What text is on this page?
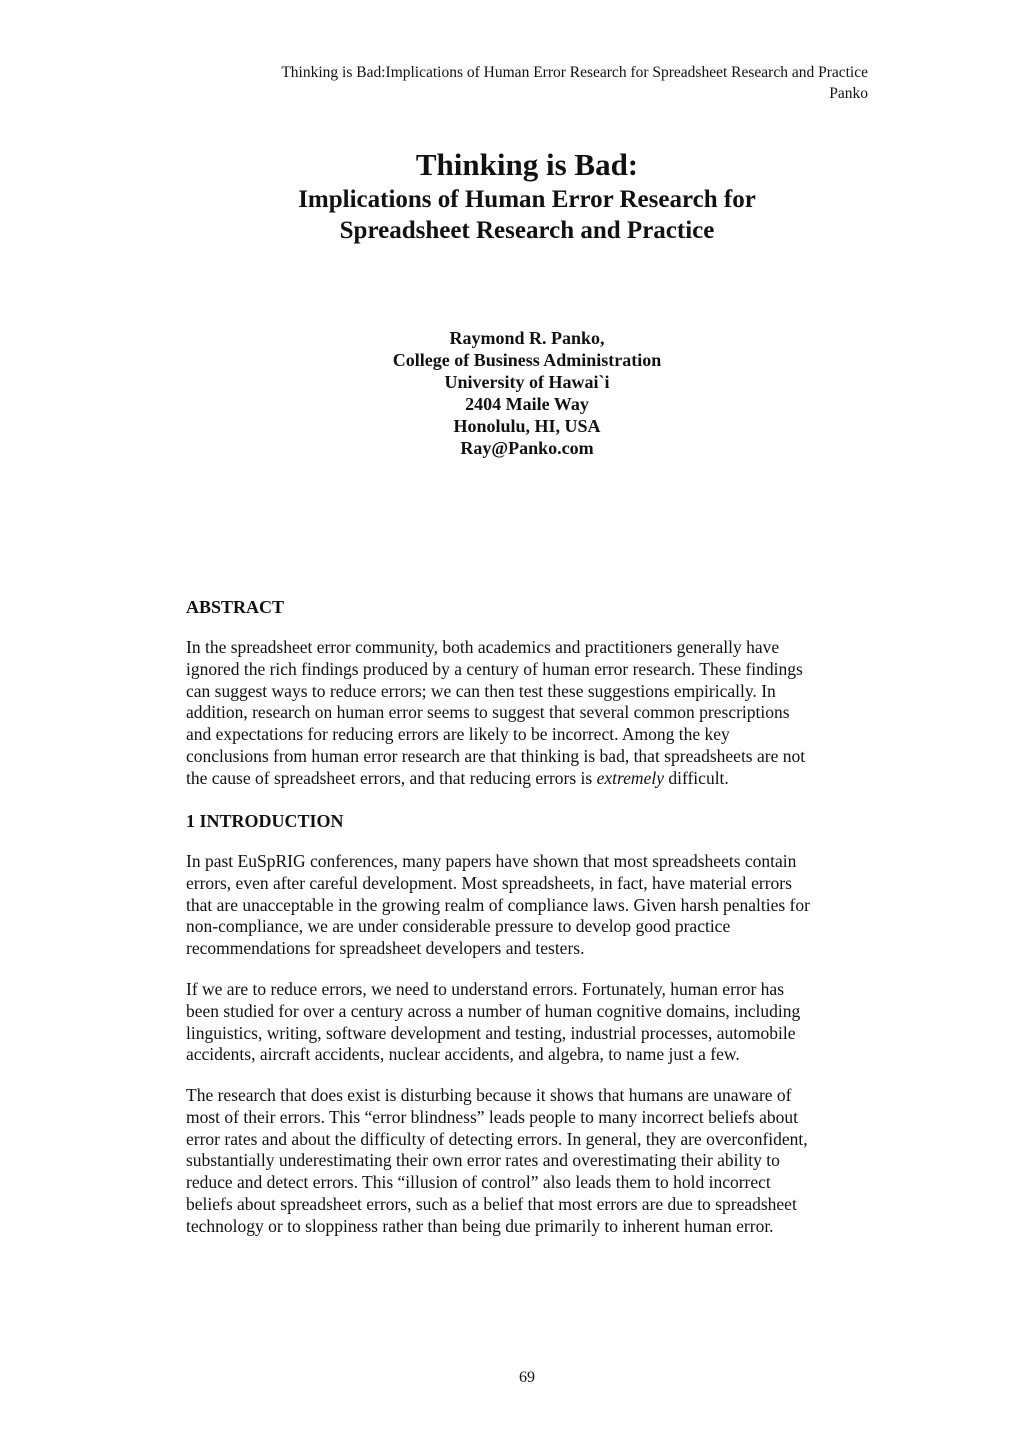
Thinking is Bad:Implications of Human Error Research for Spreadsheet Research and Practice
Panko
Thinking is Bad:
Implications of Human Error Research for
Spreadsheet Research and Practice
Raymond R. Panko,
College of Business Administration
University of Hawai`i
2404 Maile Way
Honolulu, HI, USA
Ray@Panko.com
ABSTRACT
In the spreadsheet error community, both academics and practitioners generally have
ignored the rich findings produced by a century of human error research. These findings
can suggest ways to reduce errors; we can then test these suggestions empirically. In
addition, research on human error seems to suggest that several common prescriptions
and expectations for reducing errors are likely to be incorrect. Among the key
conclusions from human error research are that thinking is bad, that spreadsheets are not
the cause of spreadsheet errors, and that reducing errors is extremely difficult.
1 INTRODUCTION
In past EuSpRIG conferences, many papers have shown that most spreadsheets contain
errors, even after careful development. Most spreadsheets, in fact, have material errors
that are unacceptable in the growing realm of compliance laws. Given harsh penalties for
non-compliance, we are under considerable pressure to develop good practice
recommendations for spreadsheet developers and testers.
If we are to reduce errors, we need to understand errors. Fortunately, human error has
been studied for over a century across a number of human cognitive domains, including
linguistics, writing, software development and testing, industrial processes, automobile
accidents, aircraft accidents, nuclear accidents, and algebra, to name just a few.
The research that does exist is disturbing because it shows that humans are unaware of
most of their errors. This “error blindness” leads people to many incorrect beliefs about
error rates and about the difficulty of detecting errors. In general, they are overconfident,
substantially underestimating their own error rates and overestimating their ability to
reduce and detect errors. This “illusion of control” also leads them to hold incorrect
beliefs about spreadsheet errors, such as a belief that most errors are due to spreadsheet
technology or to sloppiness rather than being due primarily to inherent human error.
69
